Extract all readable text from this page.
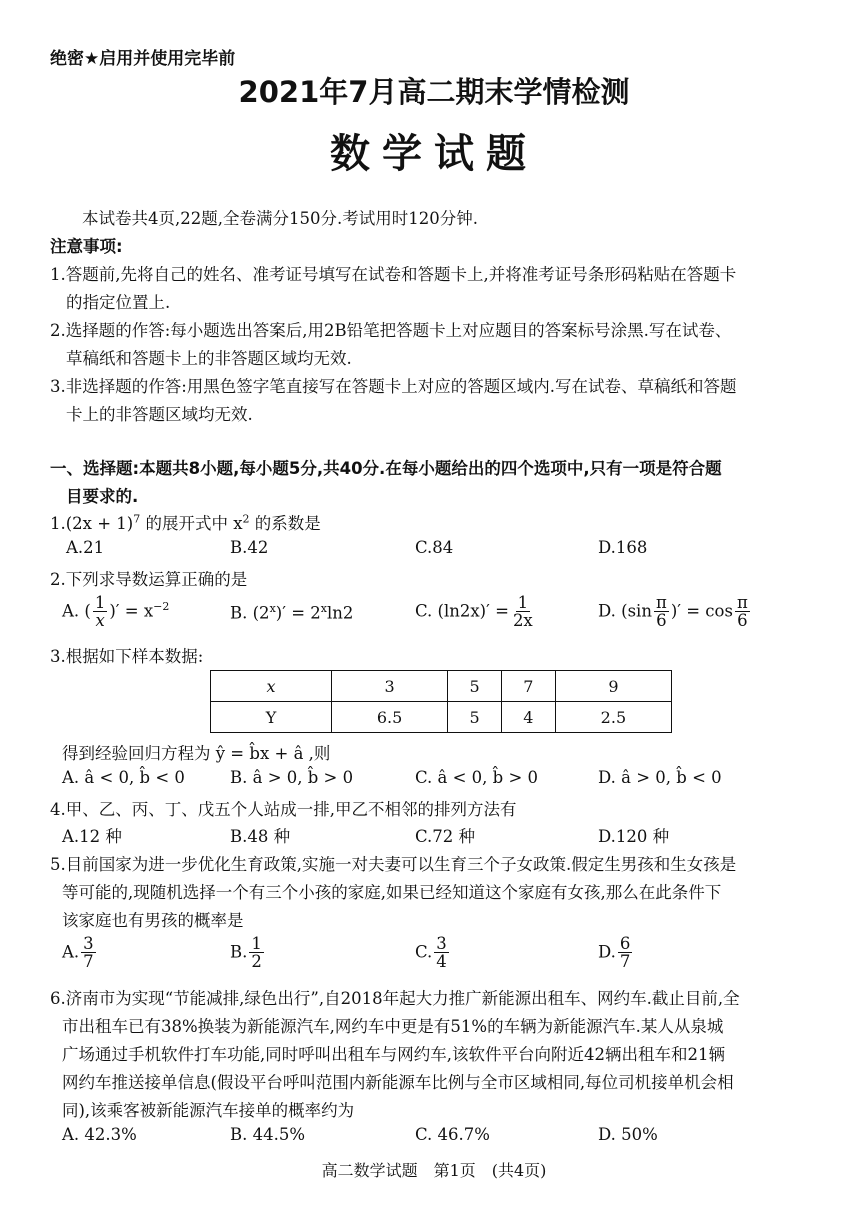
绝密★启用并使用完毕前
2021年7月高二期末学情检测
数学试题
本试卷共4页,22题,全卷满分150分.考试用时120分钟.
注意事项:
1.答题前,先将自己的姓名、准考证号填写在试卷和答题卡上,并将准考证号条形码粘贴在答题卡
的指定位置上.
2.选择题的作答:每小题选出答案后,用2B铅笔把答题卡上对应题目的答案标号涂黑.写在试卷、
草稿纸和答题卡上的非答题区域均无效.
3.非选择题的作答:用黑色签字笔直接写在答题卡上对应的答题区域内.写在试卷、草稿纸和答题
卡上的非答题区域均无效.
一、选择题:本题共8小题,每小题5分,共40分.在每小题给出的四个选项中,只有一项是符合题
目要求的.
$1.(2x + 1)^7$ 的展开式中 $x^2$ 的系数是
A.21	B.42	C.84	D.168
2.下列求导数运算正确的是
A. ( $\frac{1}{x}$ )′ = $x^{-2}$	B. $(2^x)' = 2^x\ln 2$	C. $(\ln 2x)' = \frac{1}{2x}$	D. ($\sin \frac{\pi}{6}$ )′ = $\cos \frac{\pi}{6}$
3.根据如下样本数据:
x	3	5	7	9
Y	6.5	5	4	2.5
得到经验回归方程为 ŷ = b̂x + â ,则
A. â < 0, b̂ < 0	B. â > 0, b̂ > 0	C. â < 0, b̂ > 0	D. â > 0, b̂ < 0
4.甲、乙、丙、丁、戊五个人站成一排,甲乙不相邻的排列方法有
A.12 种	B.48 种	C.72 种	D.120 种
5.目前国家为进一步优化生育政策,实施一对夫妻可以生育三个子女政策.假定生男孩和生女孩是
等可能的,现随机选择一个有三个小孩的家庭,如果已经知道这个家庭有女孩,那么在此条件下
该家庭也有男孩的概率是
A. $\frac{3}{7}$	B. $\frac{1}{2}$	C. $\frac{3}{4}$	D. $\frac{6}{7}$
6.济南市为实现“节能减排,绿色出行”,自2018年起大力推广新能源出租车、网约车.截止目前,全
市出租车已有38%换装为新能源汽车,网约车中更是有51%的车辆为新能源汽车.某人从泉城
广场通过手机软件打车功能,同时呼叫出租车与网约车,该软件平台向附近42辆出租车和21辆
网约车推送接单信息(假设平台呼叫范围内新能源车比例与全市区域相同,每位司机接单机会相
同),该乘客被新能源汽车接单的概率约为
A. 42.3%	B. 44.5%	C. 46.7%	D. 50%
高二数学试题　第1页　(共4页)
